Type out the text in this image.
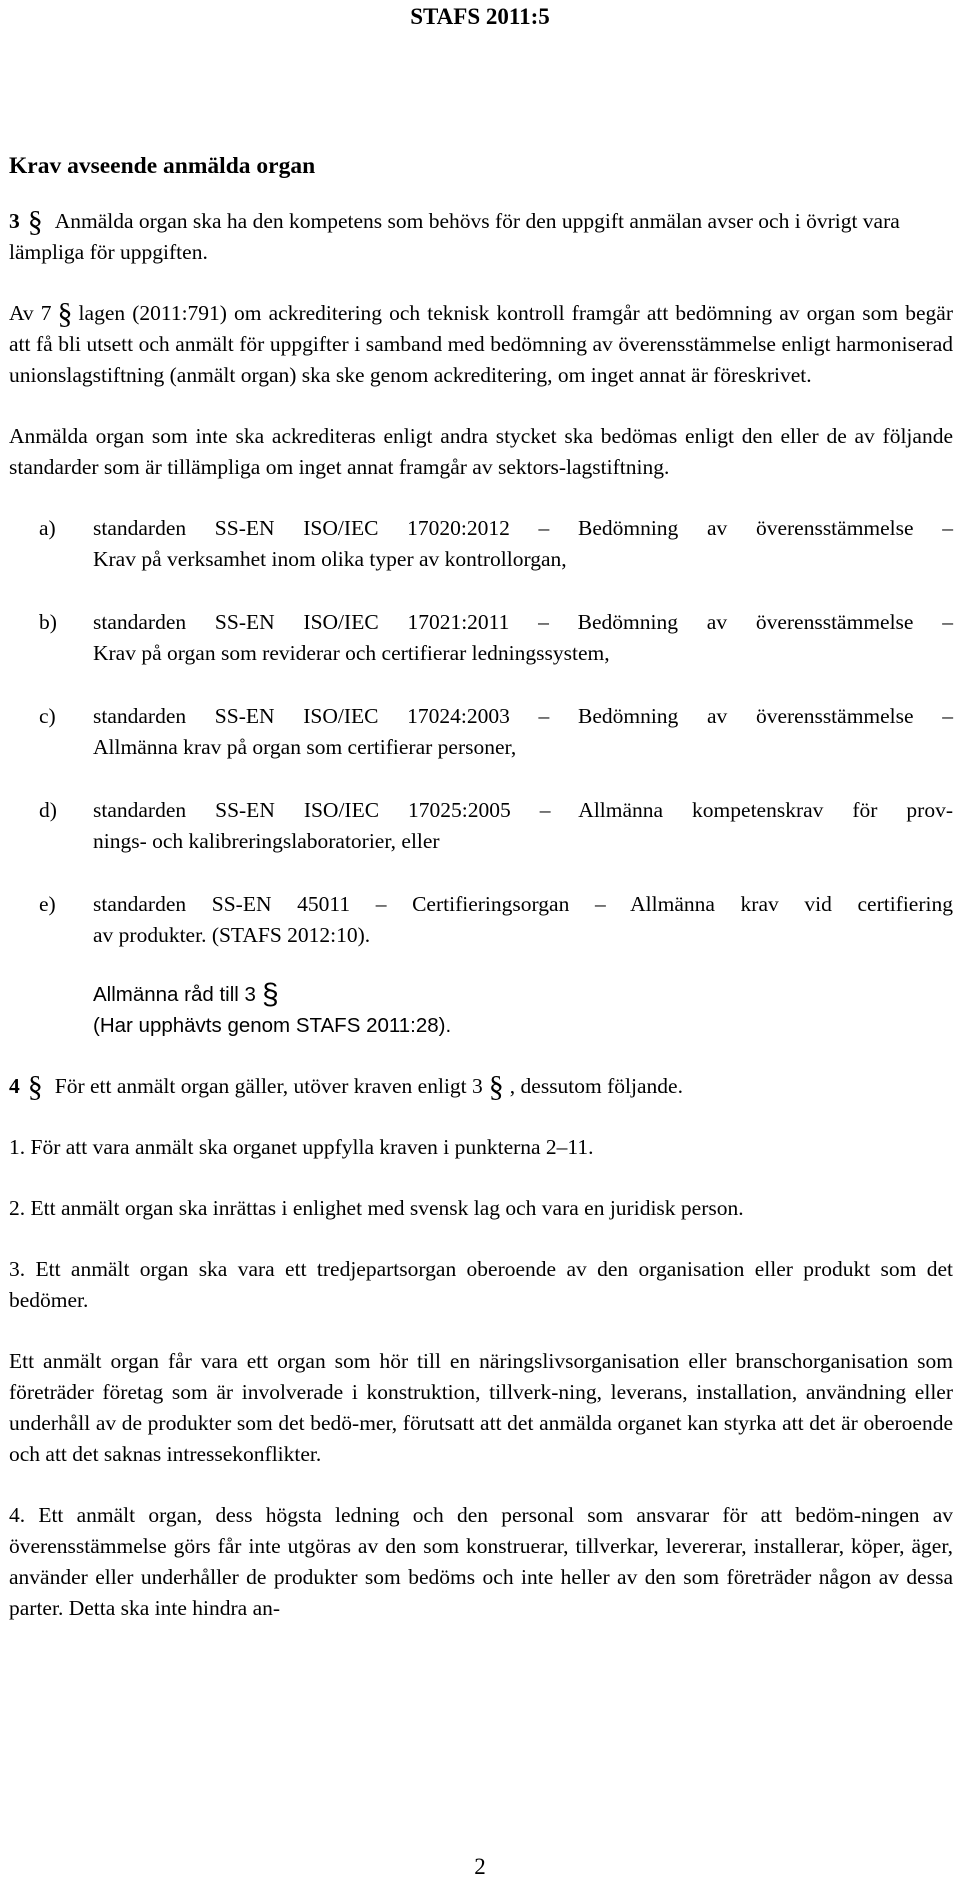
STAFS 2011:5
Krav avseende anmälda organ

3 § Anmälda organ ska ha den kompetens som behövs för den uppgift anmälan avser och i övrigt vara lämpliga för uppgiften.

Av 7 § lagen (2011:791) om ackreditering och teknisk kontroll framgår att bedömning av organ som begär att få bli utsett och anmält för uppgifter i samband med bedömning av överensstämmelse enligt harmoniserad unionslagstiftning (anmält organ) ska ske genom ackreditering, om inget annat är föreskrivet.

Anmälda organ som inte ska ackrediteras enligt andra stycket ska bedömas enligt den eller de av följande standarder som är tillämpliga om inget annat framgår av sektors-lagstiftning.

a) standarden SS-EN ISO/IEC 17020:2012 – Bedömning av överensstämmelse –
Krav på verksamhet inom olika typer av kontrollorgan,
b) standarden SS-EN ISO/IEC 17021:2011 – Bedömning av överensstämmelse –
Krav på organ som reviderar och certifierar ledningssystem,
c) standarden SS-EN ISO/IEC 17024:2003 – Bedömning av överensstämmelse –
Allmänna krav på organ som certifierar personer,
d) standarden SS-EN ISO/IEC 17025:2005 – Allmänna kompetenskrav för prov-
nings- och kalibreringslaboratorier, eller
e) standarden SS-EN 45011 – Certifieringsorgan – Allmänna krav vid certifiering
av produkter. (STAFS 2012:10).
Allmänna råd till 3 §
(Har upphävts genom STAFS 2011:28).

4 § För ett anmält organ gäller, utöver kraven enligt 3 § , dessutom följande.

1. För att vara anmält ska organet uppfylla kraven i punkterna 2–11.

2. Ett anmält organ ska inrättas i enlighet med svensk lag och vara en juridisk person.

3. Ett anmält organ ska vara ett tredjepartsorgan oberoende av den organisation eller produkt som det bedömer.

Ett anmält organ får vara ett organ som hör till en näringslivsorganisation eller branschorganisation som företräder företag som är involverade i konstruktion, tillverk-ning, leverans, installation, användning eller underhåll av de produkter som det bedö-mer, förutsatt att det anmälda organet kan styrka att det är oberoende och att det saknas intressekonflikter.

4. Ett anmält organ, dess högsta ledning och den personal som ansvarar för att bedöm-ningen av överensstämmelse görs får inte utgöras av den som konstruerar, tillverkar, levererar, installerar, köper, äger, använder eller underhåller de produkter som bedöms och inte heller av den som företräder någon av dessa parter. Detta ska inte hindra an-

2
